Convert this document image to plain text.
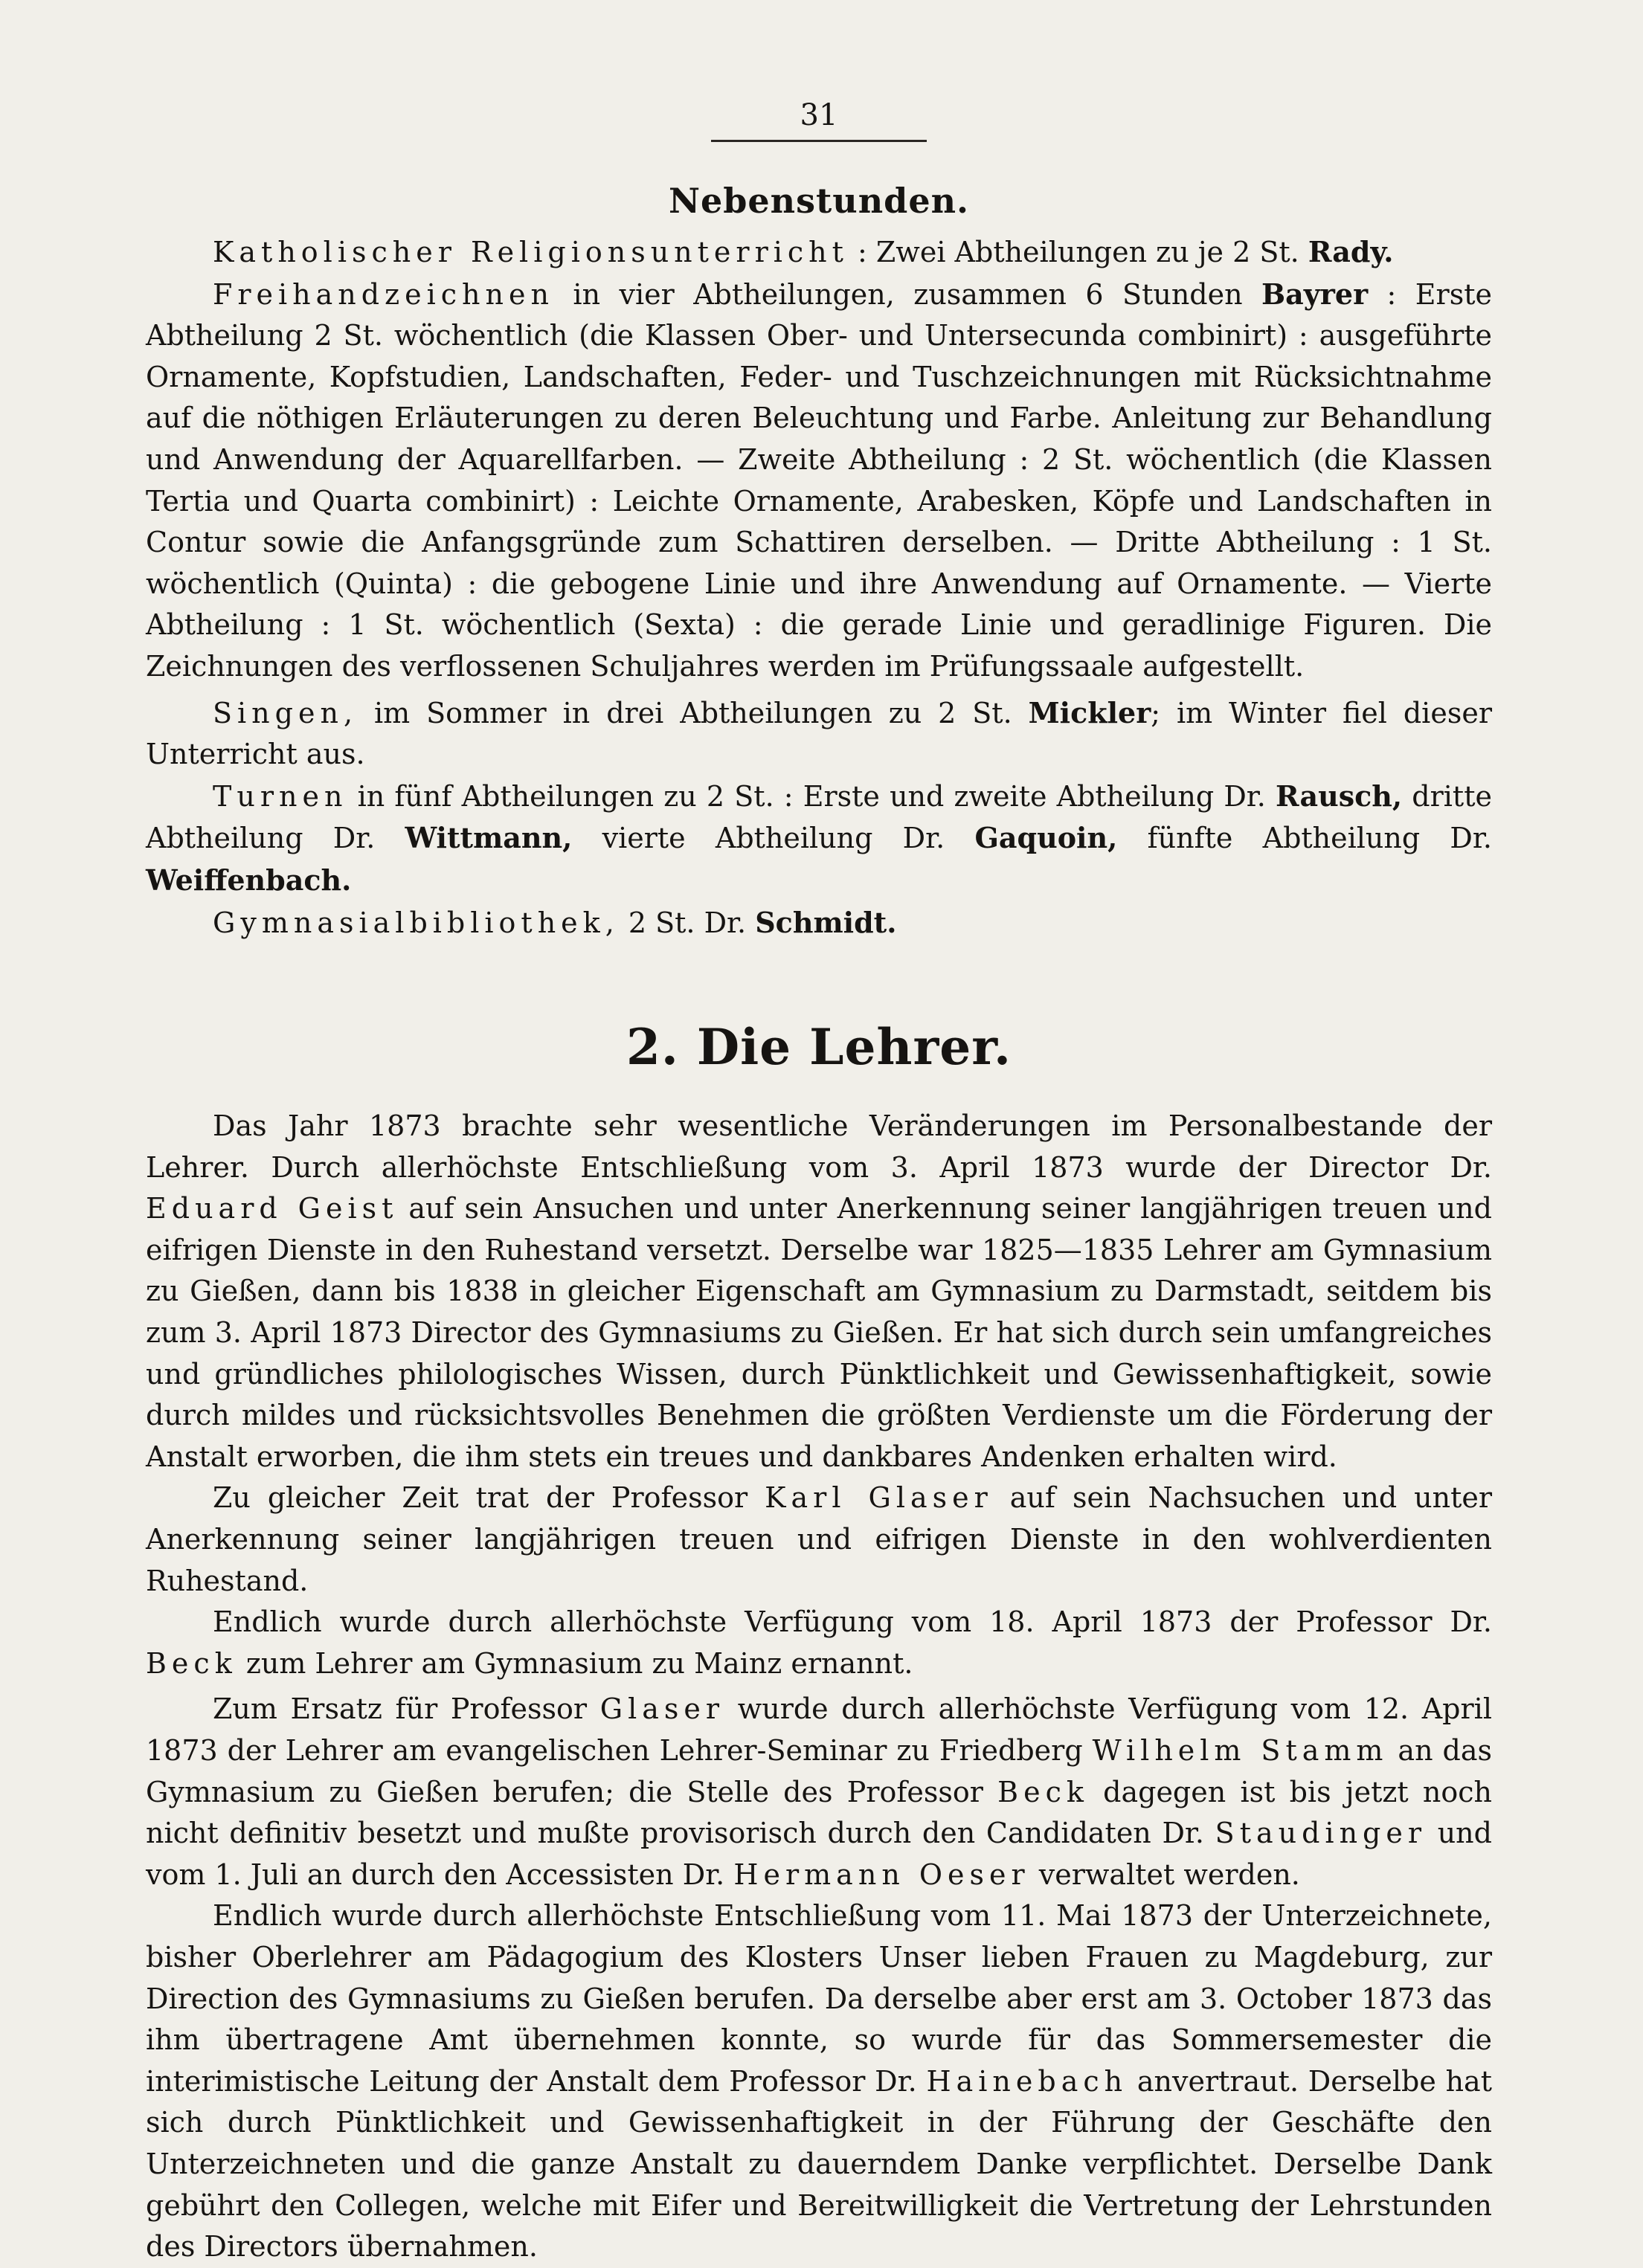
31
Nebenstunden.

Katholischer Religionsunterricht : Zwei Abtheilungen zu je 2 St. Rady.

Freihandzeichnen in vier Abtheilungen, zusammen 6 Stunden Bayrer : Erste Abtheilung 2 St. wöchentlich (die Klassen Ober- und Untersecunda combinirt) : ausgeführte Ornamente, Kopfstudien, Landschaften, Feder- und Tuschzeichnungen mit Rücksichtnahme auf die nöthigen Erläuterungen zu deren Beleuchtung und Farbe. Anleitung zur Behandlung und Anwendung der Aquarellfarben. — Zweite Abtheilung : 2 St. wöchentlich (die Klassen Tertia und Quarta combinirt) : Leichte Ornamente, Arabesken, Köpfe und Landschaften in Contur sowie die Anfangsgründe zum Schattiren derselben. — Dritte Abtheilung : 1 St. wöchentlich (Quinta) : die gebogene Linie und ihre Anwendung auf Ornamente. — Vierte Abtheilung : 1 St. wöchentlich (Sexta) : die gerade Linie und geradlinige Figuren. Die Zeichnungen des verflossenen Schuljahres werden im Prüfungssaale aufgestellt.

Singen, im Sommer in drei Abtheilungen zu 2 St. Mickler; im Winter fiel dieser Unterricht aus.

Turnen in fünf Abtheilungen zu 2 St. : Erste und zweite Abtheilung Dr. Rausch, dritte Abtheilung Dr. Wittmann, vierte Abtheilung Dr. Gaquoin, fünfte Abtheilung Dr. Weiffenbach.

Gymnasialbibliothek, 2 St. Dr. Schmidt.

2. Die Lehrer.

Das Jahr 1873 brachte sehr wesentliche Veränderungen im Personalbestande der Lehrer. Durch allerhöchste Entschließung vom 3. April 1873 wurde der Director Dr. Eduard Geist auf sein Ansuchen und unter Anerkennung seiner langjährigen treuen und eifrigen Dienste in den Ruhestand versetzt. Derselbe war 1825—1835 Lehrer am Gymnasium zu Gießen, dann bis 1838 in gleicher Eigenschaft am Gymnasium zu Darmstadt, seitdem bis zum 3. April 1873 Director des Gymnasiums zu Gießen. Er hat sich durch sein umfangreiches und gründliches philologisches Wissen, durch Pünktlichkeit und Gewissenhaftigkeit, sowie durch mildes und rücksichtsvolles Benehmen die größten Verdienste um die Förderung der Anstalt erworben, die ihm stets ein treues und dankbares Andenken erhalten wird.

Zu gleicher Zeit trat der Professor Karl Glaser auf sein Nachsuchen und unter Anerkennung seiner langjährigen treuen und eifrigen Dienste in den wohlverdienten Ruhestand.

Endlich wurde durch allerhöchste Verfügung vom 18. April 1873 der Professor Dr. Beck zum Lehrer am Gymnasium zu Mainz ernannt.

Zum Ersatz für Professor Glaser wurde durch allerhöchste Verfügung vom 12. April 1873 der Lehrer am evangelischen Lehrer-Seminar zu Friedberg Wilhelm Stamm an das Gymnasium zu Gießen berufen; die Stelle des Professor Beck dagegen ist bis jetzt noch nicht definitiv besetzt und mußte provisorisch durch den Candidaten Dr. Staudinger und vom 1. Juli an durch den Accessisten Dr. Hermann Oeser verwaltet werden.

Endlich wurde durch allerhöchste Entschließung vom 11. Mai 1873 der Unterzeichnete, bisher Oberlehrer am Pädagogium des Klosters Unser lieben Frauen zu Magdeburg, zur Direction des Gymnasiums zu Gießen berufen. Da derselbe aber erst am 3. October 1873 das ihm übertragene Amt übernehmen konnte, so wurde für das Sommersemester die interimistische Leitung der Anstalt dem Professor Dr. Hainebach anvertraut. Derselbe hat sich durch Pünktlichkeit und Gewissenhaftigkeit in der Führung der Geschäfte den Unterzeichneten und die ganze Anstalt zu dauerndem Danke verpflichtet. Derselbe Dank gebührt den Collegen, welche mit Eifer und Bereitwilligkeit die Vertretung der Lehrstunden des Directors übernahmen.
